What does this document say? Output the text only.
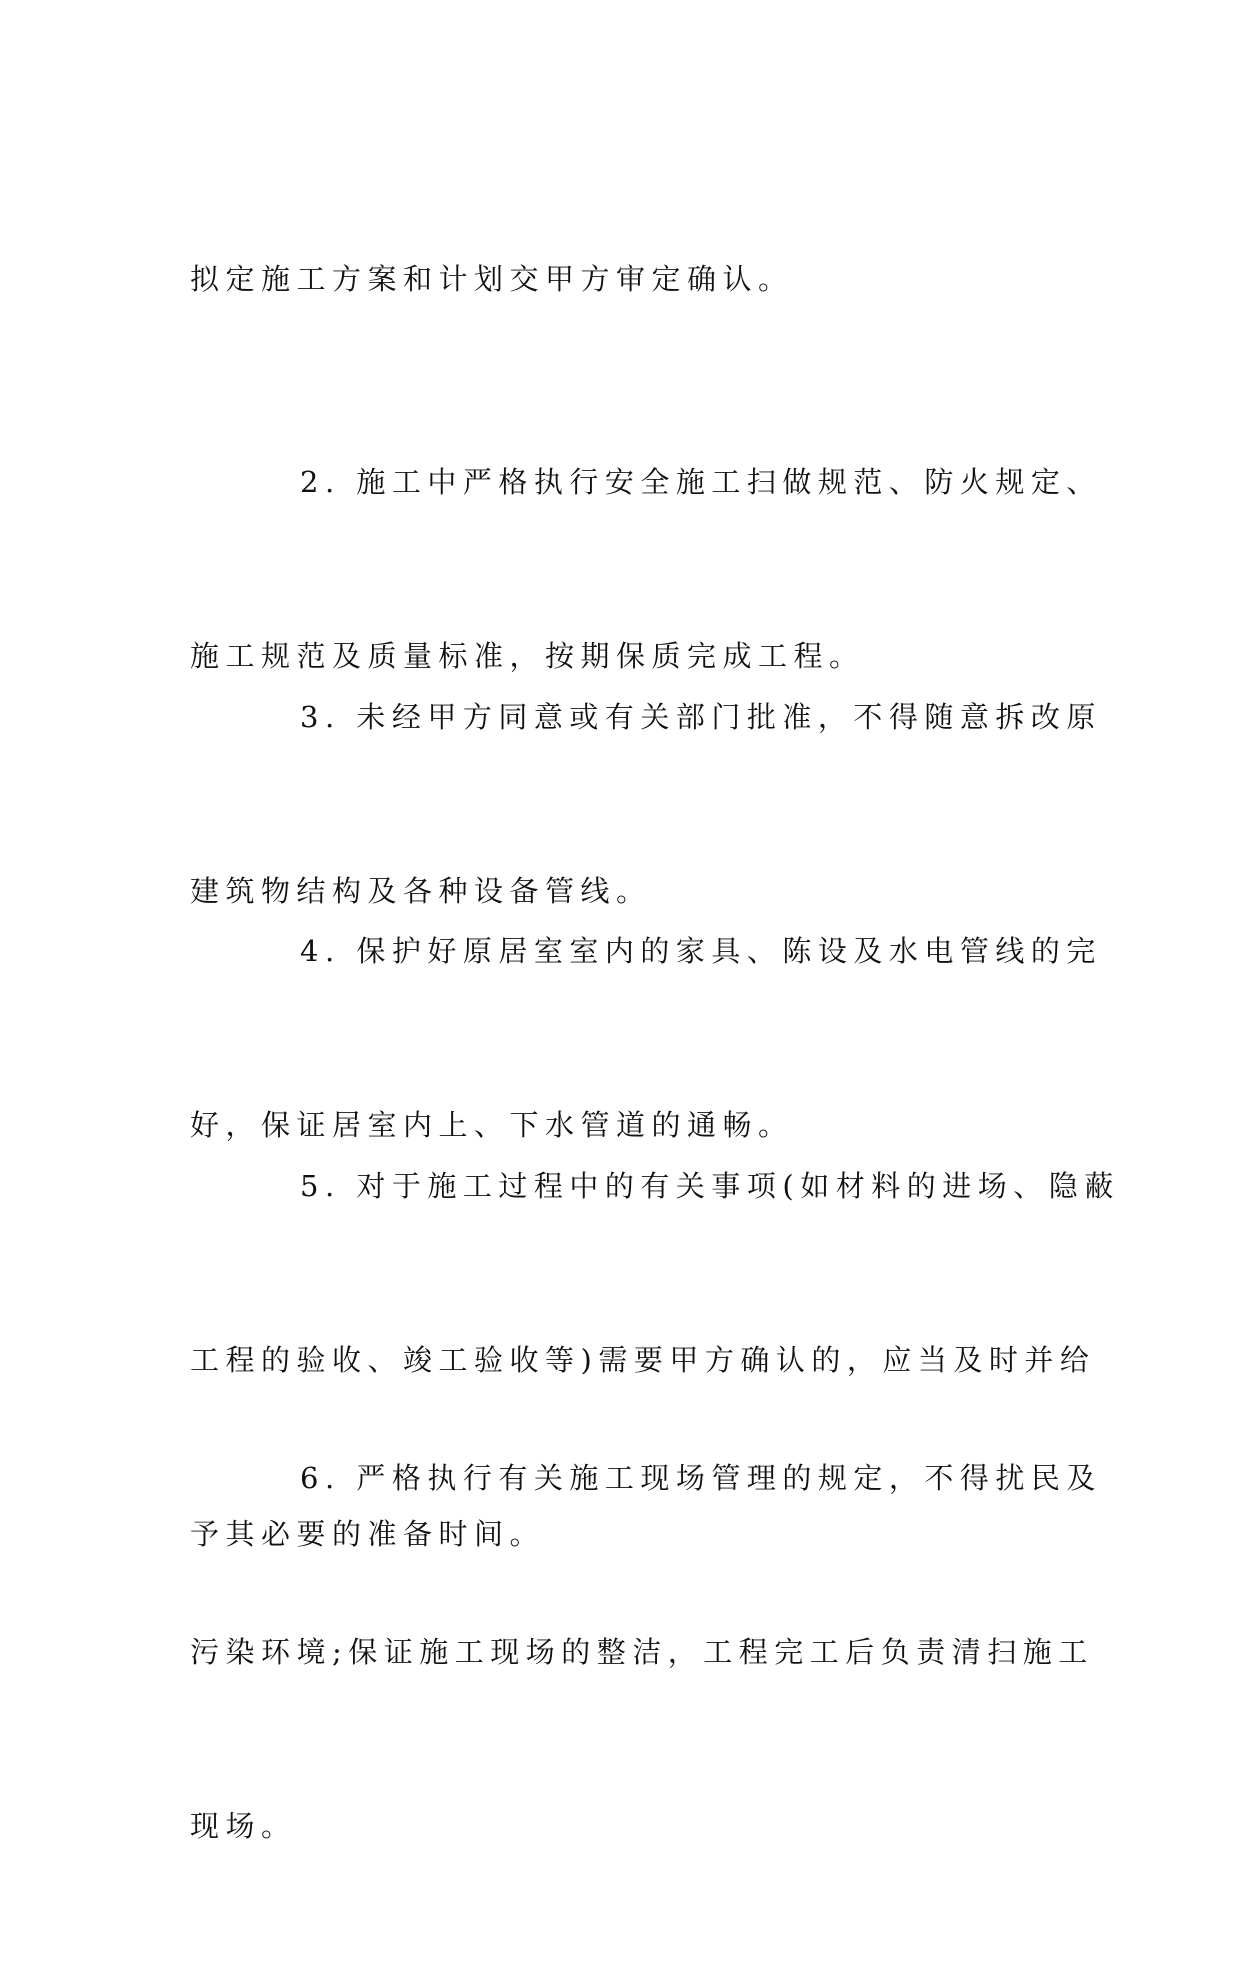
拟定施工方案和计划交甲方审定确认。

2. 施工中严格执行安全施工扫做规范、防火规定、

施工规范及质量标准，按期保质完成工程。

3. 未经甲方同意或有关部门批准，不得随意拆改原

建筑物结构及各种设备管线。

4. 保护好原居室室内的家具、陈设及水电管线的完

好，保证居室内上、下水管道的通畅。

5. 对于施工过程中的有关事项(如材料的进场、隐蔽

工程的验收、竣工验收等)需要甲方确认的，应当及时并给

予其必要的准备时间。

6. 严格执行有关施工现场管理的规定，不得扰民及

污染环境;保证施工现场的整洁，工程完工后负责清扫施工

现场。
